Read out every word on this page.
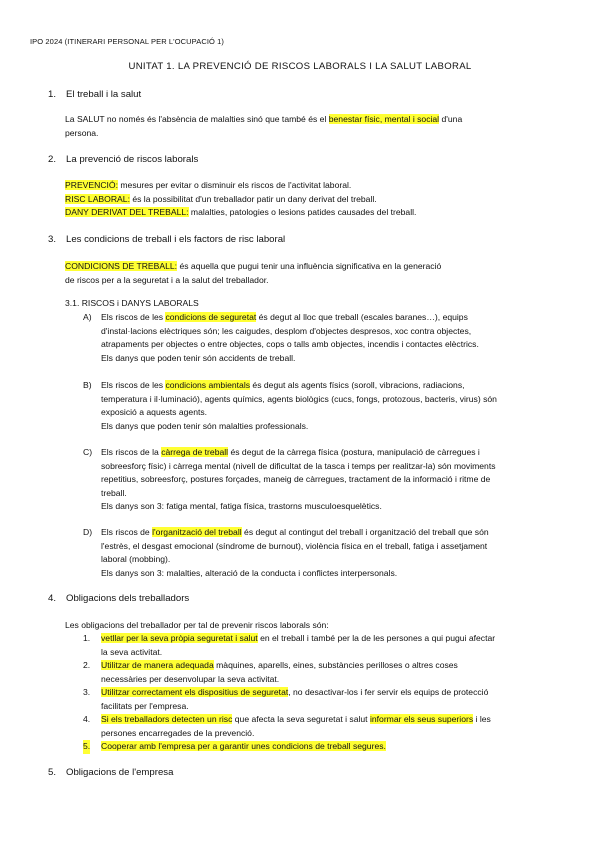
IPO 2024 (ITINERARI PERSONAL PER L'OCUPACIÓ 1)
UNITAT 1. LA PREVENCIÓ DE RISCOS LABORALS I LA SALUT LABORAL
1. El treball i la salut
La SALUT no només és l'absència de malalties sinó que també és el benestar físic, mental i social d'una
persona.
2. La prevenció de riscos laborals
PREVENCIÓ: mesures per evitar o disminuir els riscos de l'activitat laboral.
RISC LABORAL: és la possibilitat d'un treballador patir un dany derivat del treball.
DANY DERIVAT DEL TREBALL: malalties, patologies o lesions patides causades del treball.
3. Les condicions de treball i els factors de risc laboral
CONDICIONS DE TREBALL: és aquella que pugui tenir una influència significativa en la generació
de riscos per a la seguretat i a la salut del treballador.
3.1. RISCOS i DANYS LABORALS
A) Els riscos de les condicions de seguretat és degut al lloc que treball (escales baranes…), equips
d'instal·lacions elèctriques són; les caigudes, desplom d'objectes despresos, xoc contra objectes,
atrapaments per objectes o entre objectes, cops o talls amb objectes, incendis i contactes elèctrics.
Els danys que poden tenir són accidents de treball.
B) Els riscos de les condicions ambientals és degut als agents físics (soroll, vibracions, radiacions,
temperatura i il·luminació), agents químics, agents biològics (cucs, fongs, protozous, bacteris, virus) són
exposició a aquests agents.
Els danys que poden tenir són malalties professionals.
C) Els riscos de la càrrega de treball és degut de la càrrega física (postura, manipulació de càrregues i
sobreesforç físic) i càrrega mental (nivell de dificultat de la tasca i temps per realitzar-la) són moviments
repetitius, sobreesforç, postures forçades, maneig de càrregues, tractament de la informació i ritme de
treball.
Els danys son 3: fatiga mental, fatiga física, trastorns musculoesquelètics.
D) Els riscos de l'organització del treball és degut al contingut del treball i organització del treball que són
l'estrès, el desgast emocional (síndrome de burnout), violència física en el treball, fatiga i assetjament
laboral (mobbing).
Els danys son 3: malalties, alteració de la conducta i conflictes interpersonals.
4. Obligacions dels treballadors
Les obligacions del treballador per tal de prevenir riscos laborals són:
1. vetllar per la seva pròpia seguretat i salut en el treball i també per la de les persones a qui pugui afectar
la seva activitat.
2. Utilitzar de manera adequada màquines, aparells, eines, substàncies perilloses o altres coses
necessàries per desenvolupar la seva activitat.
3. Utilitzar correctament els dispositius de seguretat, no desactivar-los i fer servir els equips de protecció
facilitats per l'empresa.
4. Si els treballadors detecten un risc que afecta la seva seguretat i salut informar els seus superiors i les
persones encarregades de la prevenció.
5. Cooperar amb l'empresa per a garantir unes condicions de treball segures.
5. Obligacions de l'empresa
